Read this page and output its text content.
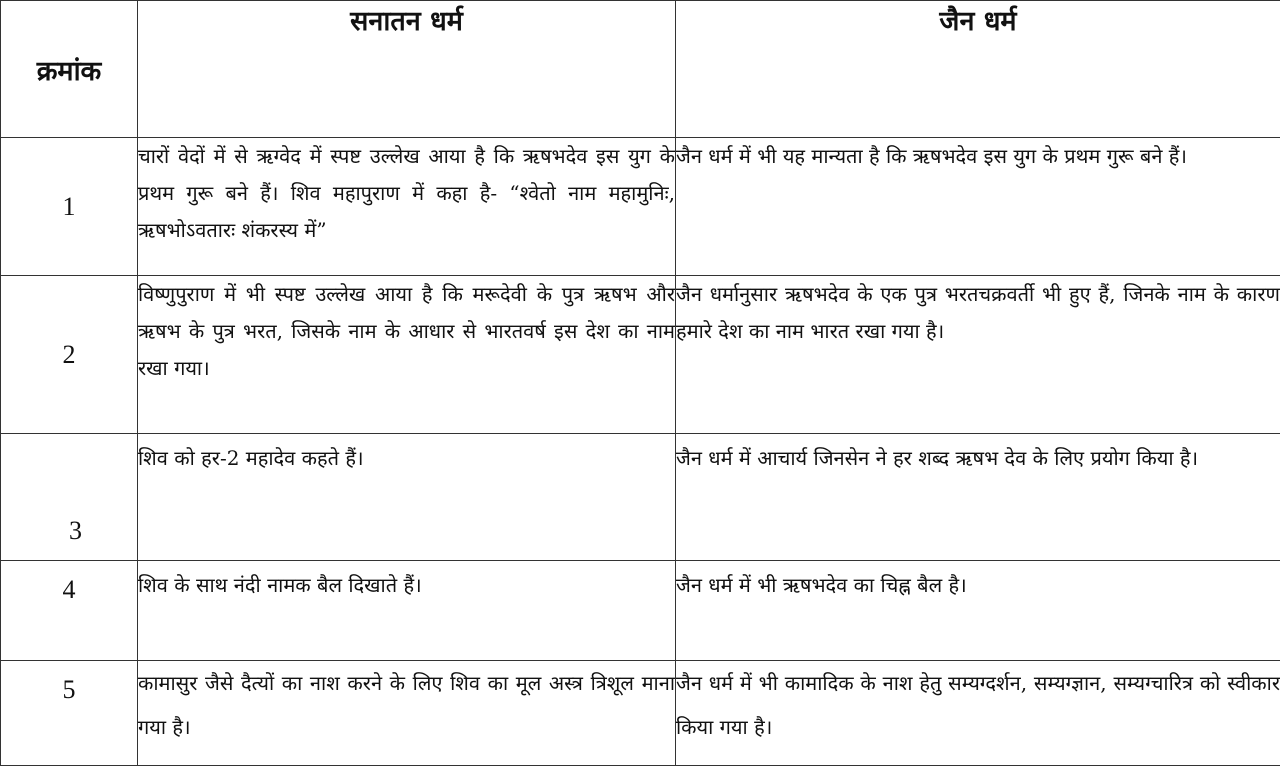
क्रमांक	सनातन धर्म	जैन धर्म
1	चारों वेदों में से ऋग्वेद में स्पष्ट उल्लेख आया है कि ऋषभदेव इस युग के प्रथम गुरू बने हैं। शिव महापुराण में कहा है- “श्वेतो नाम महामुनिः, ऋषभोऽवतारः शंकरस्य में”	जैन धर्म में भी यह मान्यता है कि ऋषभदेव इस युग के प्रथम गुरू बने हैं।
2	विष्णुपुराण में भी स्पष्ट उल्लेख आया है कि मरूदेवी के पुत्र ऋषभ और ऋषभ के पुत्र भरत, जिसके नाम के आधार से भारतवर्ष इस देश का नाम रखा गया।	जैन धर्मानुसार ऋषभदेव के एक पुत्र भरतचक्रवर्ती भी हुए हैं, जिनके नाम के कारण हमारे देश का नाम भारत रखा गया है।
3	शिव को हर-2 महादेव कहते हैं।	जैन धर्म में आचार्य जिनसेन ने हर शब्द ऋषभ देव के लिए प्रयोग किया है।
4	शिव के साथ नंदी नामक बैल दिखाते हैं।	जैन धर्म में भी ऋषभदेव का चिह्न बैल है।
5	कामासुर जैसे दैत्यों का नाश करने के लिए शिव का मूल अस्त्र त्रिशूल माना गया है।	जैन धर्म में भी कामादिक के नाश हेतु सम्यग्दर्शन, सम्यग्ज्ञान, सम्यग्चारित्र को स्वीकार किया गया है।
